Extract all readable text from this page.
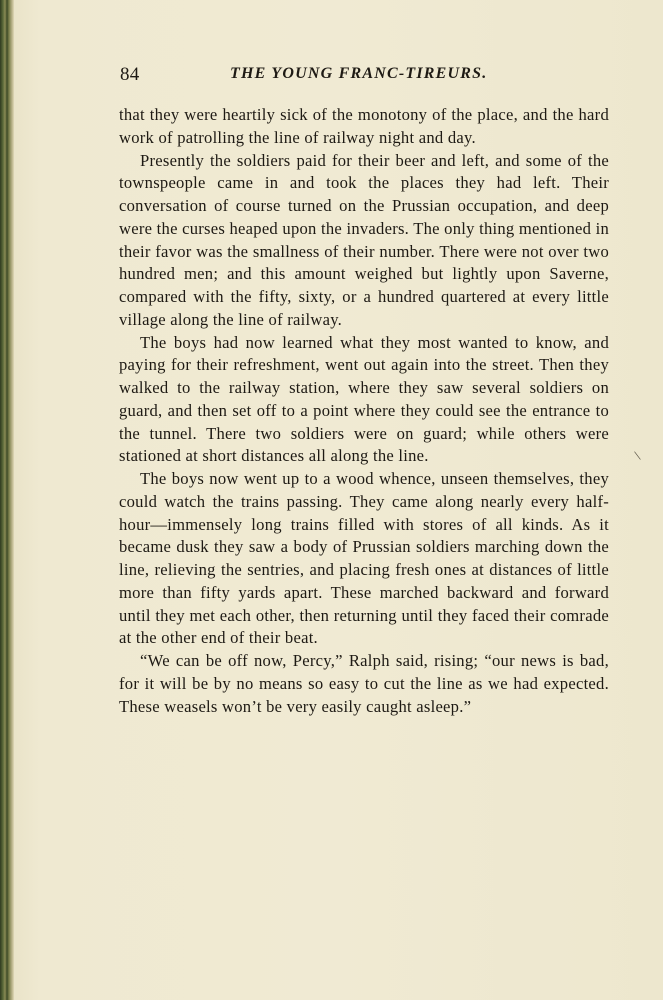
84	THE YOUNG FRANC-TIREURS.

that they were heartily sick of the monotony of the place, and the hard work of patrolling the line of railway night and day.

Presently the soldiers paid for their beer and left, and some of the townspeople came in and took the places they had left. Their conversation of course turned on the Prussian occupation, and deep were the curses heaped upon the invaders. The only thing mentioned in their favor was the smallness of their number. There were not over two hundred men; and this amount weighed but lightly upon Saverne, compared with the fifty, sixty, or a hundred quartered at every little village along the line of railway.

The boys had now learned what they most wanted to know, and paying for their refreshment, went out again into the street. Then they walked to the railway station, where they saw several soldiers on guard, and then set off to a point where they could see the entrance to the tunnel. There two soldiers were on guard; while others were stationed at short distances all along the line.

The boys now went up to a wood whence, unseen themselves, they could watch the trains passing. They came along nearly every half-hour—immensely long trains filled with stores of all kinds. As it became dusk they saw a body of Prussian soldiers marching down the line, relieving the sentries, and placing fresh ones at distances of little more than fifty yards apart. These marched backward and forward until they met each other, then returning until they faced their comrade at the other end of their beat.

“We can be off now, Percy,” Ralph said, rising; “our news is bad, for it will be by no means so easy to cut the line as we had expected. These weasels won’t be very easily caught asleep.”

\
